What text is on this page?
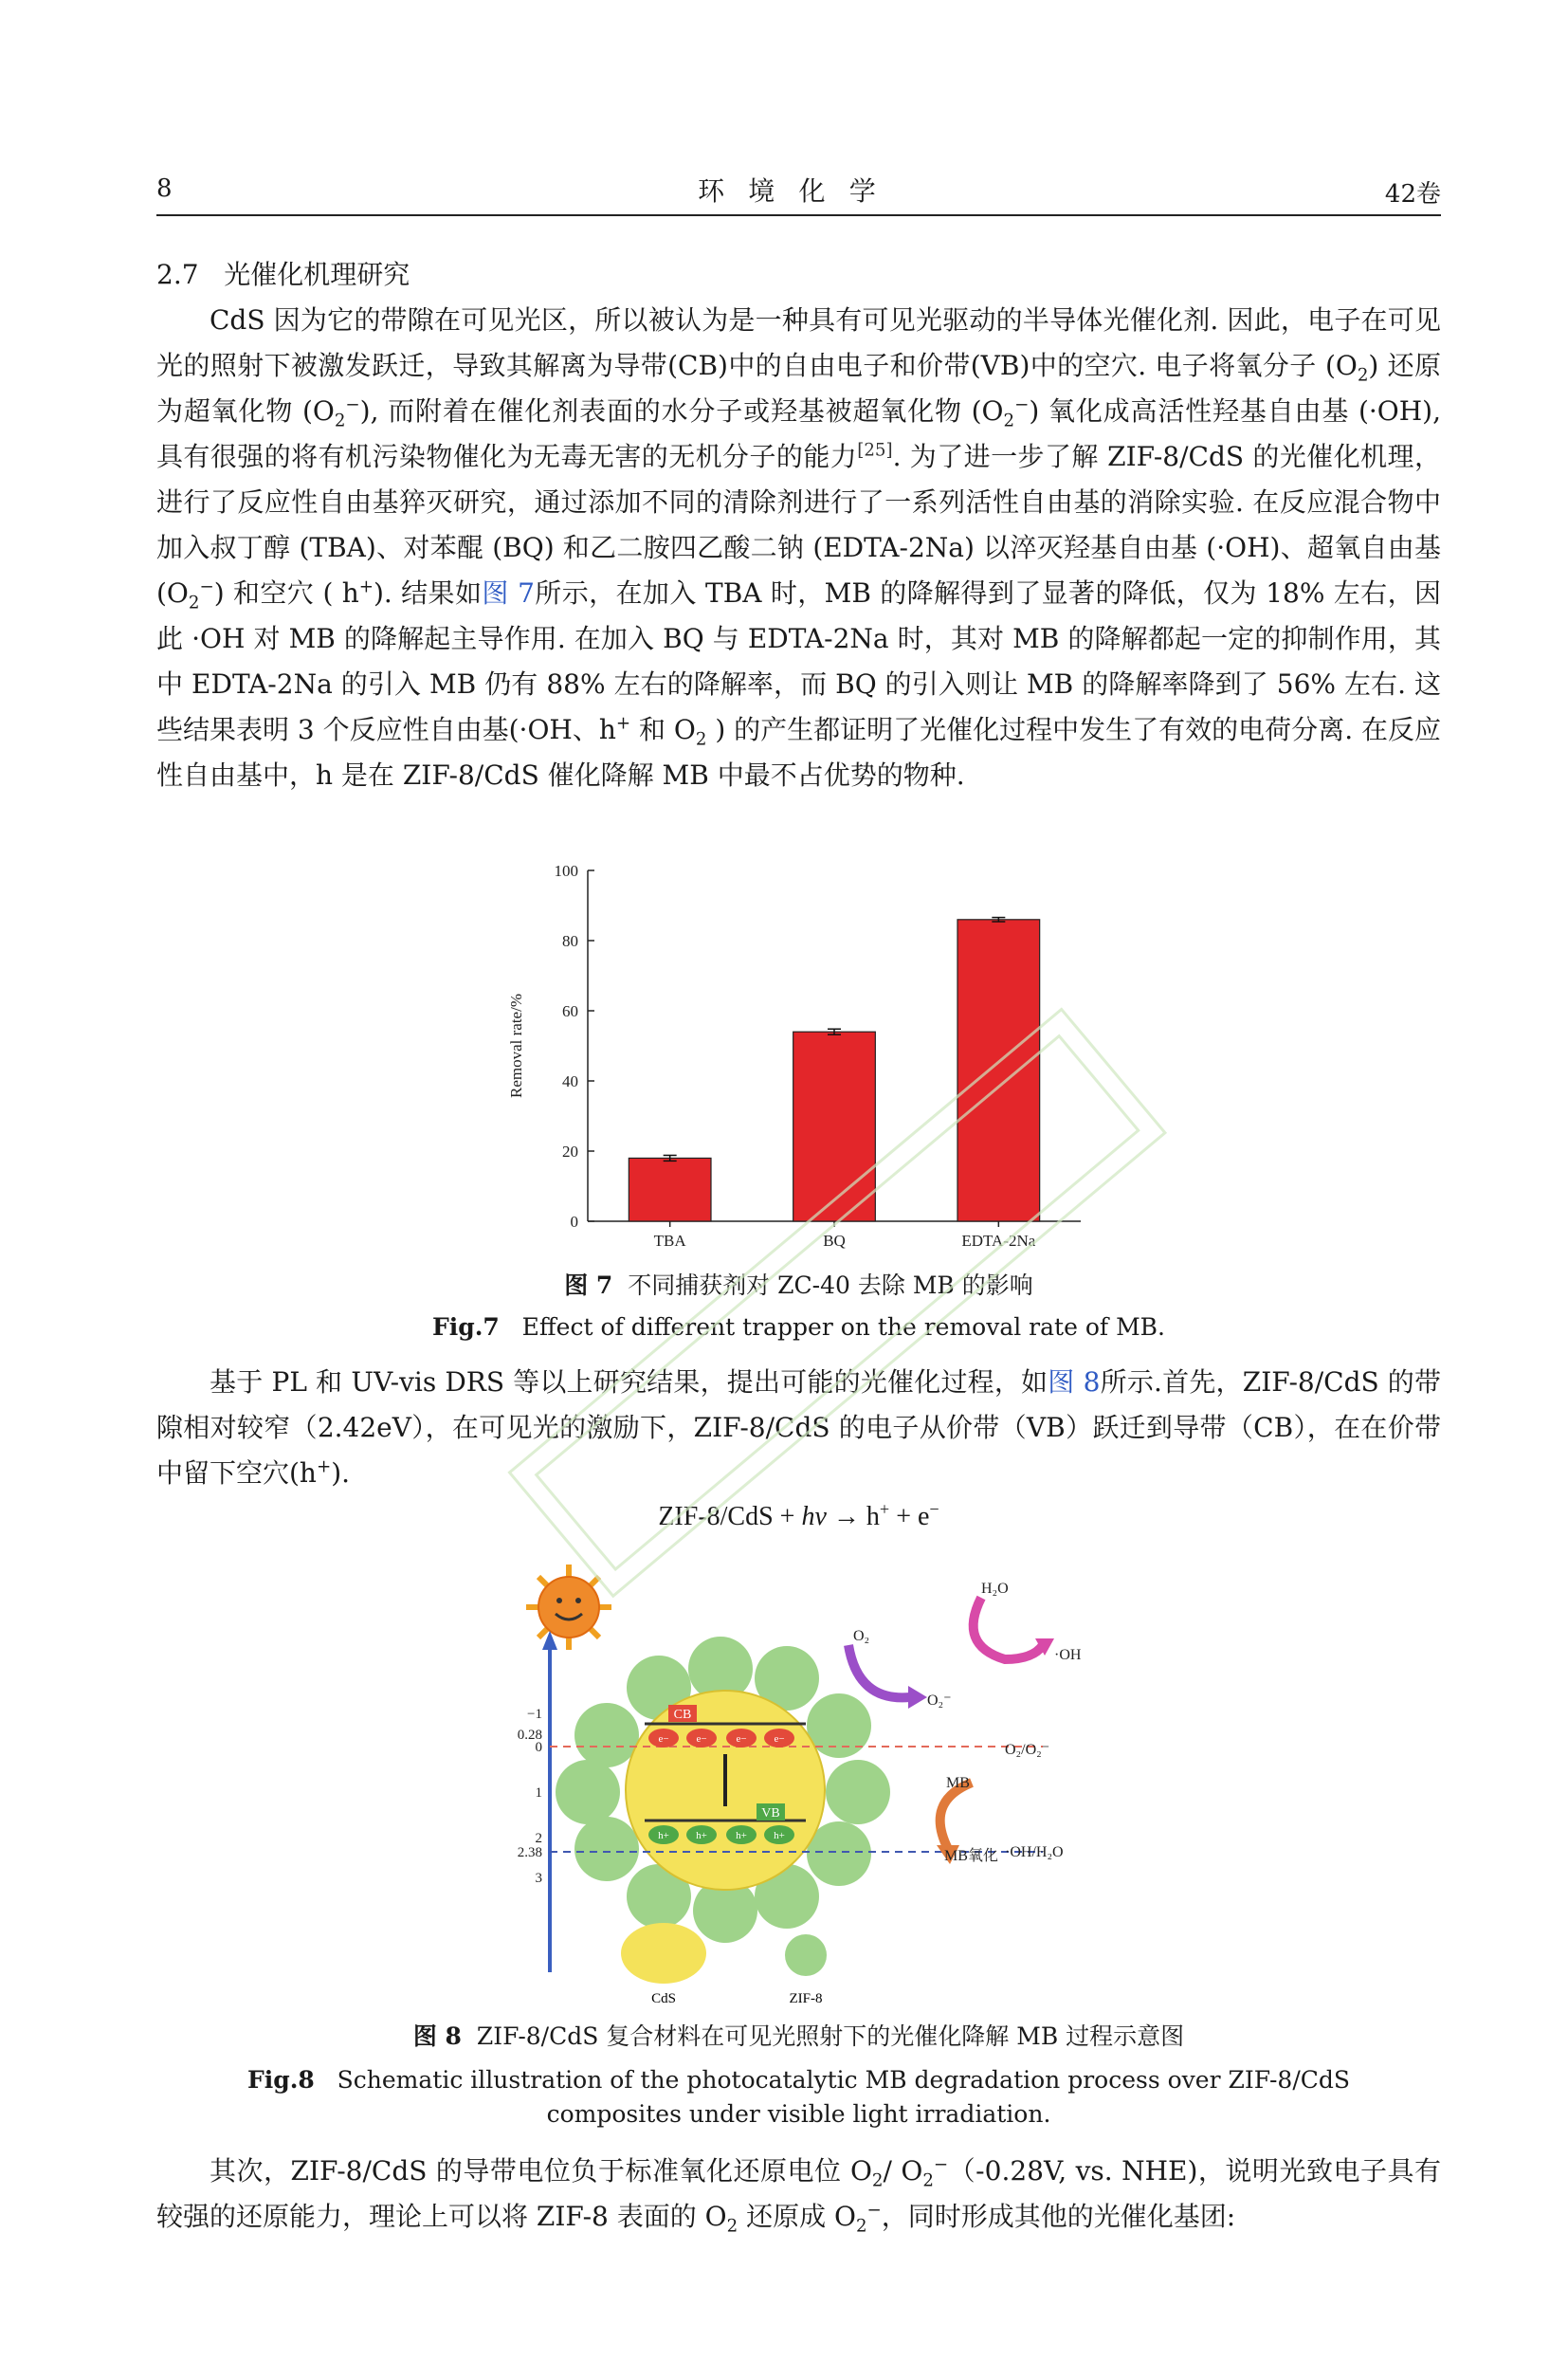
8	环境化学	42卷

2.7 光催化机理研究

CdS 因为它的带隙在可见光区，所以被认为是一种具有可见光驱动的半导体光催化剂. 因此，电子在可见光的照射下被激发跃迁，导致其解离为导带(CB)中的自由电子和价带(VB)中的空穴. 电子将氧分子 $(O_2)$ 还原为超氧化物 $(O_2^-)$, 而附着在催化剂表面的水分子或羟基被超氧化物 $(O_2^-)$ 氧化成高活性羟基自由基 (·OH), 具有很强的将有机污染物催化为无毒无害的无机分子的能力[25]. 为了进一步了解 ZIF-8/CdS 的光催化机理，进行了反应性自由基猝灭研究，通过添加不同的清除剂进行了一系列活性自由基的消除实验. 在反应混合物中加入叔丁醇 (TBA)、对苯醌 (BQ) 和乙二胺四乙酸二钠 (EDTA-2Na) 以淬灭羟基自由基 (·OH)、超氧自由基 $(O_2^-)$ 和空穴 ( h+). 结果如图 7所示，在加入 TBA 时，MB 的降解得到了显著的降低，仅为 18% 左右，因此 ·OH 对 MB 的降解起主导作用. 在加入 BQ 与 EDTA-2Na 时，其对 MB 的降解都起一定的抑制作用，其中 EDTA-2Na 的引入 MB 仍有 88% 左右的降解率，而 BQ 的引入则让 MB 的降解率降到了 56% 左右. 这些结果表明 3 个反应性自由基(·OH、h+ 和 $O_2$ ) 的产生都证明了光催化过程中发生了有效的电荷分离. 在反应性自由基中，h 是在 ZIF-8/CdS 催化降解 MB 中最不占优势的物种.

0
20
40
60
80
100
TBA	BQ	EDTA-2Na
Removal rate/%
图 7 不同捕获剂对 ZC-40 去除 MB 的影响
Fig.7 Effect of different trapper on the removal rate of MB.

基于 PL 和 UV-vis DRS 等以上研究结果，提出可能的光催化过程，如图 8所示.首先，ZIF-8/CdS 的带隙相对较窄（2.42eV），在可见光的激励下，ZIF-8/CdS 的电子从价带（VB）跃迁到导带（CB），在在价带中留下空穴(h+).

ZIF-8/CdS + hv → h+ + e−
−1
0.28
0
1
2
2.38
3
CB
VB
e−	e−	e−	e−
h+	h+	h+	h+
O₂
H₂O
·OH
O₂⁻
O₂/O₂⁻
MB
MB氧化 ·OH/H₂O
CdS	ZIF-8
图 8 ZIF-8/CdS 复合材料在可见光照射下的光催化降解 MB 过程示意图
Fig.8 Schematic illustration of the photocatalytic MB degradation process over ZIF-8/CdS composites under visible light irradiation.

其次，ZIF-8/CdS 的导带电位负于标准氧化还原电位 $O_2/$ $O_2^-(-0.28V$, vs. NHE)，说明光致电子具有较强的还原能力，理论上可以将 ZIF-8 表面的 $O_2$ 还原成 $O_2^-$，同时形成其他的光催化基团:
